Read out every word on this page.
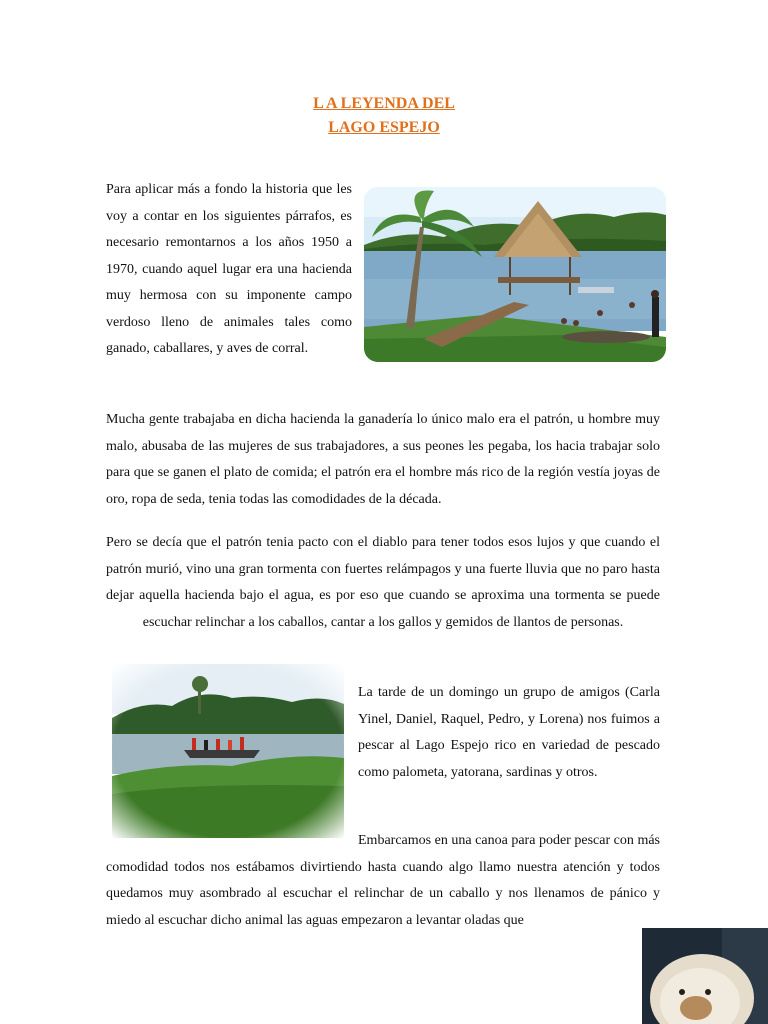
L A LEYENDA DEL
LAGO ESPEJO

Para aplicar más a fondo la historia que les voy a contar en los siguientes párrafos, es necesario remontarnos a los años 1950 a 1970, cuando aquel lugar era una hacienda muy hermosa con su imponente campo verdoso lleno de animales tales como ganado, caballares, y aves de corral.

Mucha gente trabajaba en dicha hacienda la ganadería lo único malo era el patrón, u hombre muy malo, abusaba de las mujeres de sus trabajadores, a sus peones les pegaba, los hacia trabajar solo para que se ganen el plato de comida; el patrón era el hombre más rico de la región vestía joyas de oro, ropa de seda, tenia todas las comodidades de la década.

Pero se decía que el patrón tenia pacto con el diablo para tener todos esos lujos y que cuando el patrón murió, vino una gran tormenta con fuertes relámpagos y una fuerte lluvia que no paro hasta dejar aquella hacienda bajo el agua, es por eso que cuando se aproxima una tormenta se puede escuchar relinchar a los caballos, cantar a los gallos y gemidos de llantos de personas.

La tarde de un domingo un grupo de amigos (Carla Yinel, Daniel, Raquel, Pedro, y Lorena) nos fuimos a pescar al Lago Espejo rico en variedad de pescado como palometa, yatorana, sardinas y otros.

Embarcamos en una canoa para poder pescar con más comodidad todos nos estábamos divirtiendo hasta cuando algo llamo nuestra atención y todos quedamos muy asombrado al escuchar el relinchar de un caballo y nos llenamos de pánico y miedo al escuchar dicho animal las aguas empezaron a levantar oladas que
